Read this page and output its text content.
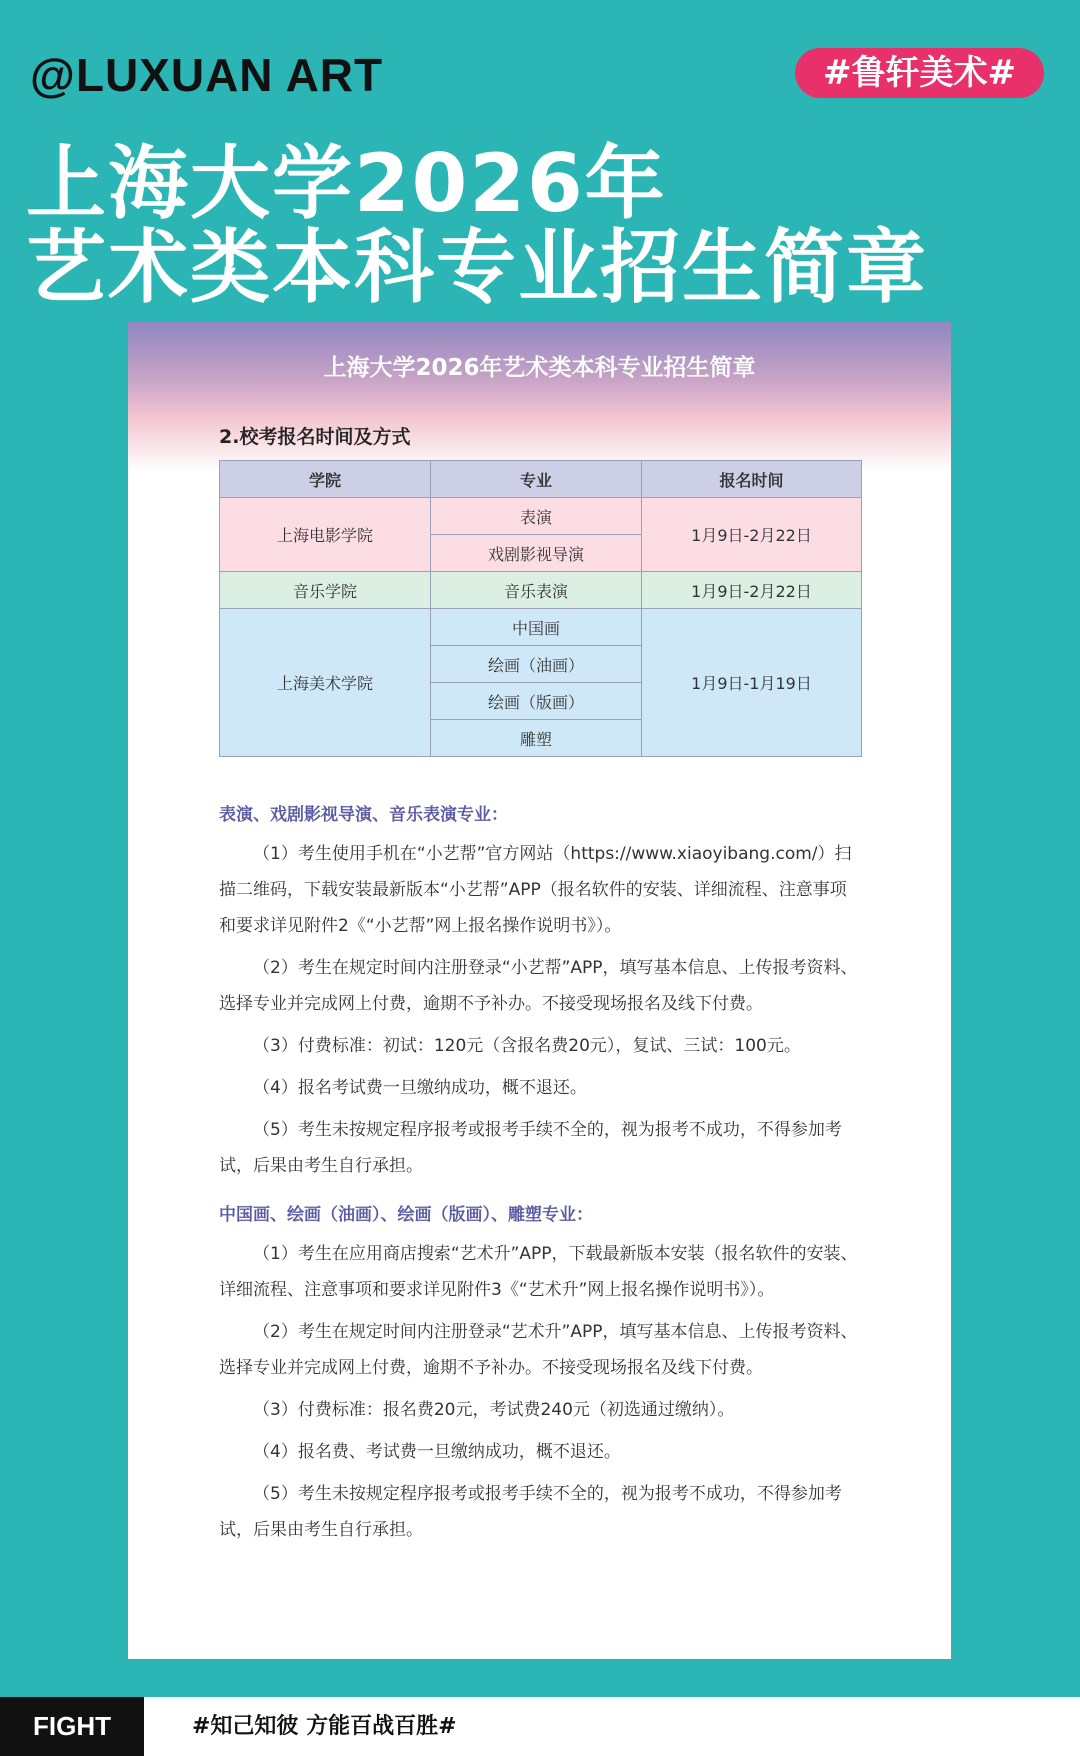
@LUXUAN ART	#鲁轩美术#
上海大学2026年
艺术类本科专业招生简章
上海大学2026年艺术类本科专业招生简章
2.校考报名时间及方式
学院	专业	报名时间
上海电影学院	表演	1月9日-2月22日
	戏剧影视导演	
音乐学院	音乐表演	1月9日-2月22日
上海美术学院	中国画	1月9日-1月19日
	绘画（油画）	
	绘画（版画）	
	雕塑	
表演、戏剧影视导演、音乐表演专业：
（1）考生使用手机在“小艺帮”官方网站（https://www.xiaoyibang.com/）扫描二维码，下载安装最新版本“小艺帮”APP（报名软件的安装、详细流程、注意事项和要求详见附件2《“小艺帮”网上报名操作说明书》）。
（2）考生在规定时间内注册登录“小艺帮”APP，填写基本信息、上传报考资料、选择专业并完成网上付费，逾期不予补办。不接受现场报名及线下付费。
（3）付费标准：初试：120元（含报名费20元），复试、三试：100元。
（4）报名考试费一旦缴纳成功，概不退还。
（5）考生未按规定程序报考或报考手续不全的，视为报考不成功，不得参加考试，后果由考生自行承担。
中国画、绘画（油画）、绘画（版画）、雕塑专业：
（1）考生在应用商店搜索“艺术升”APP，下载最新版本安装（报名软件的安装、详细流程、注意事项和要求详见附件3《“艺术升”网上报名操作说明书》）。
（2）考生在规定时间内注册登录“艺术升”APP，填写基本信息、上传报考资料、选择专业并完成网上付费，逾期不予补办。不接受现场报名及线下付费。
（3）付费标准：报名费20元，考试费240元（初选通过缴纳）。
（4）报名费、考试费一旦缴纳成功，概不退还。
（5）考生未按规定程序报考或报考手续不全的，视为报考不成功，不得参加考试，后果由考生自行承担。
FIGHT	#知己知彼 方能百战百胜#
